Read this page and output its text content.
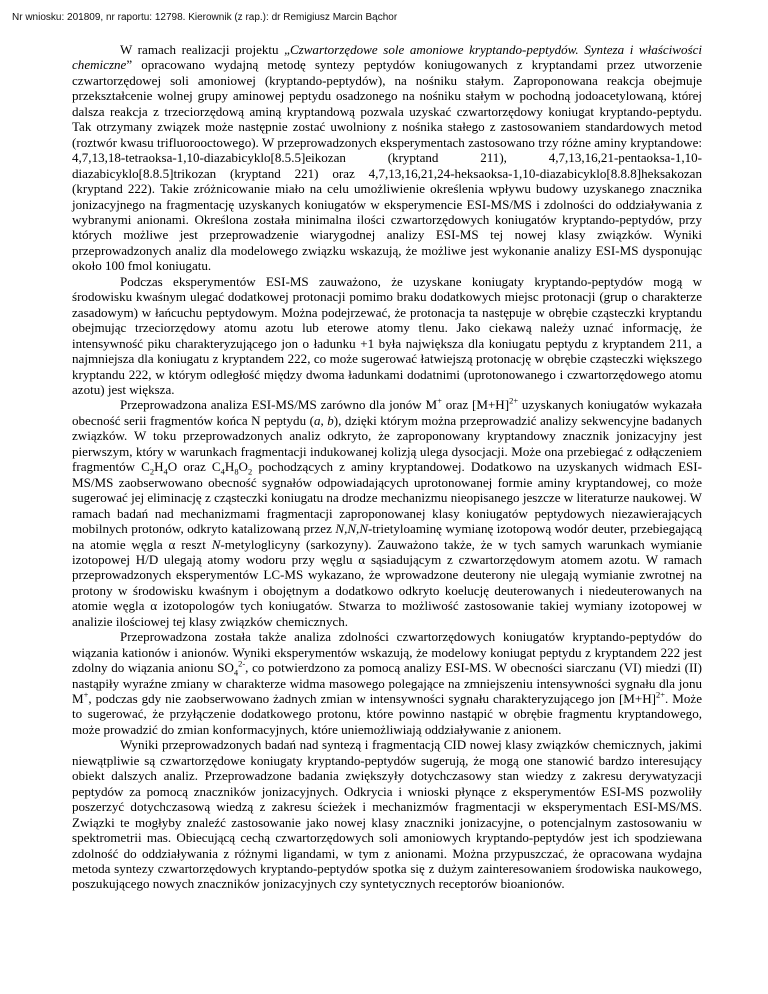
Nr wniosku: 201809, nr raportu: 12798. Kierownik (z rap.): dr Remigiusz Marcin Bąchor

W ramach realizacji projektu „Czwartorzędowe sole amoniowe kryptando-peptydów. Synteza i właściwości chemiczne” opracowano wydajną metodę syntezy peptydów koniugowanych z kryptandami przez utworzenie czwartorzędowej soli amoniowej (kryptando-peptydów), na nośniku stałym. Zaproponowana reakcja obejmuje przekształcenie wolnej grupy aminowej peptydu osadzonego na nośniku stałym w pochodną jodoacetylowaną, której dalsza reakcja z trzeciorzędową aminą kryptandową pozwala uzyskać czwartorzędowy koniugat kryptando-peptydu. Tak otrzymany związek może następnie zostać uwolniony z nośnika stałego z zastosowaniem standardowych metod (roztwór kwasu trifluorooctowego). W przeprowadzonych eksperymentach zastosowano trzy różne aminy kryptandowe: 4,7,13,18-tetraoksa-1,10-diazabicyklo[8.5.5]eikozan (kryptand 211), 4,7,13,16,21-pentaoksa-1,10-diazabicyklo[8.8.5]trikozan (kryptand 221) oraz 4,7,13,16,21,24-heksaoksa-1,10-diazabicyklo[8.8.8]heksakozan (kryptand 222). Takie zróżnicowanie miało na celu umożliwienie określenia wpływu budowy uzyskanego znacznika jonizacyjnego na fragmentację uzyskanych koniugatów w eksperymencie ESI-MS/MS i zdolności do oddziaływania z wybranymi anionami. Określona została minimalna ilości czwartorzędowych koniugatów kryptando-peptydów, przy których możliwe jest przeprowadzenie wiarygodnej analizy ESI-MS tej nowej klasy związków. Wyniki przeprowadzonych analiz dla modelowego związku wskazują, że możliwe jest wykonanie analizy ESI-MS dysponując około 100 fmol koniugatu.

Podczas eksperymentów ESI-MS zauważono, że uzyskane koniugaty kryptando-peptydów mogą w środowisku kwaśnym ulegać dodatkowej protonacji pomimo braku dodatkowych miejsc protonacji (grup o charakterze zasadowym) w łańcuchu peptydowym. Można podejrzewać, że protonacja ta następuje w obrębie cząsteczki kryptandu obejmując trzeciorzędowy atomu azotu lub eterowe atomy tlenu. Jako ciekawą należy uznać informację, że intensywność piku charakteryzującego jon o ładunku +1 była największa dla koniugatu peptydu z kryptandem 211, a najmniejsza dla koniugatu z kryptandem 222, co może sugerować łatwiejszą protonację w obrębie cząsteczki większego kryptandu 222, w którym odległość między dwoma ładunkami dodatnimi (uprotonowanego i czwartorzędowego atomu azotu) jest większa.

Przeprowadzona analiza ESI-MS/MS zarówno dla jonów M+ oraz $[M+H]^{2+}$ uzyskanych koniugatów wykazała obecność serii fragmentów końca N peptydu (a, b), dzięki którym można przeprowadzić analizy sekwencyjne badanych związków. W toku przeprowadzonych analiz odkryto, że zaproponowany kryptandowy znacznik jonizacyjny jest pierwszym, który w warunkach fragmentacji indukowanej kolizją ulega dysocjacji. Może ona przebiegać z odłączeniem fragmentów $C_2H_4O$ oraz $C_4H_8O_2$ pochodzących z aminy kryptandowej. Dodatkowo na uzyskanych widmach ESI-MS/MS zaobserwowano obecność sygnałów odpowiadających uprotonowanej formie aminy kryptandowej, co może sugerować jej eliminację z cząsteczki koniugatu na drodze mechanizmu nieopisanego jeszcze w literaturze naukowej. W ramach badań nad mechanizmami fragmentacji zaproponowanej klasy koniugatów peptydowych niezawierających mobilnych protonów, odkryto katalizowaną przez N,N,N-trietyloaminę wymianę izotopową wodór deuter, przebiegającą na atomie węgla α reszt N-metyloglicyny (sarkozyny). Zauważono także, że w tych samych warunkach wymianie izotopowej H/D ulegają atomy wodoru przy węglu α sąsiadującym z czwartorzędowym atomem azotu. W ramach przeprowadzonych eksperymentów LC-MS wykazano, że wprowadzone deuterony nie ulegają wymianie zwrotnej na protony w środowisku kwaśnym i obojętnym a dodatkowo odkryto koelucję deuterowanych i niedeuterowanych na atomie węgla α izotopologów tych koniugatów. Stwarza to możliwość zastosowanie takiej wymiany izotopowej w analizie ilościowej tej klasy związków chemicznych.

Przeprowadzona została także analiza zdolności czwartorzędowych koniugatów kryptando-peptydów do wiązania kationów i anionów. Wyniki eksperymentów wskazują, że modelowy koniugat peptydu z kryptandem 222 jest zdolny do wiązania anionu $SO_4^{2-}$, co potwierdzono za pomocą analizy ESI-MS. W obecności siarczanu (VI) miedzi (II) nastąpiły wyraźne zmiany w charakterze widma masowego polegające na zmniejszeniu intensywności sygnału dla jonu M+, podczas gdy nie zaobserwowano żadnych zmian w intensywności sygnału charakteryzującego jon $[M+H]^{2+}$. Może to sugerować, że przyłączenie dodatkowego protonu, które powinno nastąpić w obrębie fragmentu kryptandowego, może prowadzić do zmian konformacyjnych, które uniemożliwiają oddziaływanie z anionem.

Wyniki przeprowadzonych badań nad syntezą i fragmentacją CID nowej klasy związków chemicznych, jakimi niewątpliwie są czwartorzędowe koniugaty kryptando-peptydów sugerują, że mogą one stanowić bardzo interesujący obiekt dalszych analiz. Przeprowadzone badania zwiększyły dotychczasowy stan wiedzy z zakresu derywatyzacji peptydów za pomocą znaczników jonizacyjnych. Odkrycia i wnioski płynące z eksperymentów ESI-MS pozwoliły poszerzyć dotychczasową wiedzą z zakresu ścieżek i mechanizmów fragmentacji w eksperymentach ESI-MS/MS. Związki te mogłyby znaleźć zastosowanie jako nowej klasy znaczniki jonizacyjne, o potencjalnym zastosowaniu w spektrometrii mas. Obiecującą cechą czwartorzędowych soli amoniowych kryptando-peptydów jest ich spodziewana zdolność do oddziaływania z różnymi ligandami, w tym z anionami. Można przypuszczać, że opracowana wydajna metoda syntezy czwartorzędowych kryptando-peptydów spotka się z dużym zainteresowaniem środowiska naukowego, poszukującego nowych znaczników jonizacyjnych czy syntetycznych receptorów bioanionów.
